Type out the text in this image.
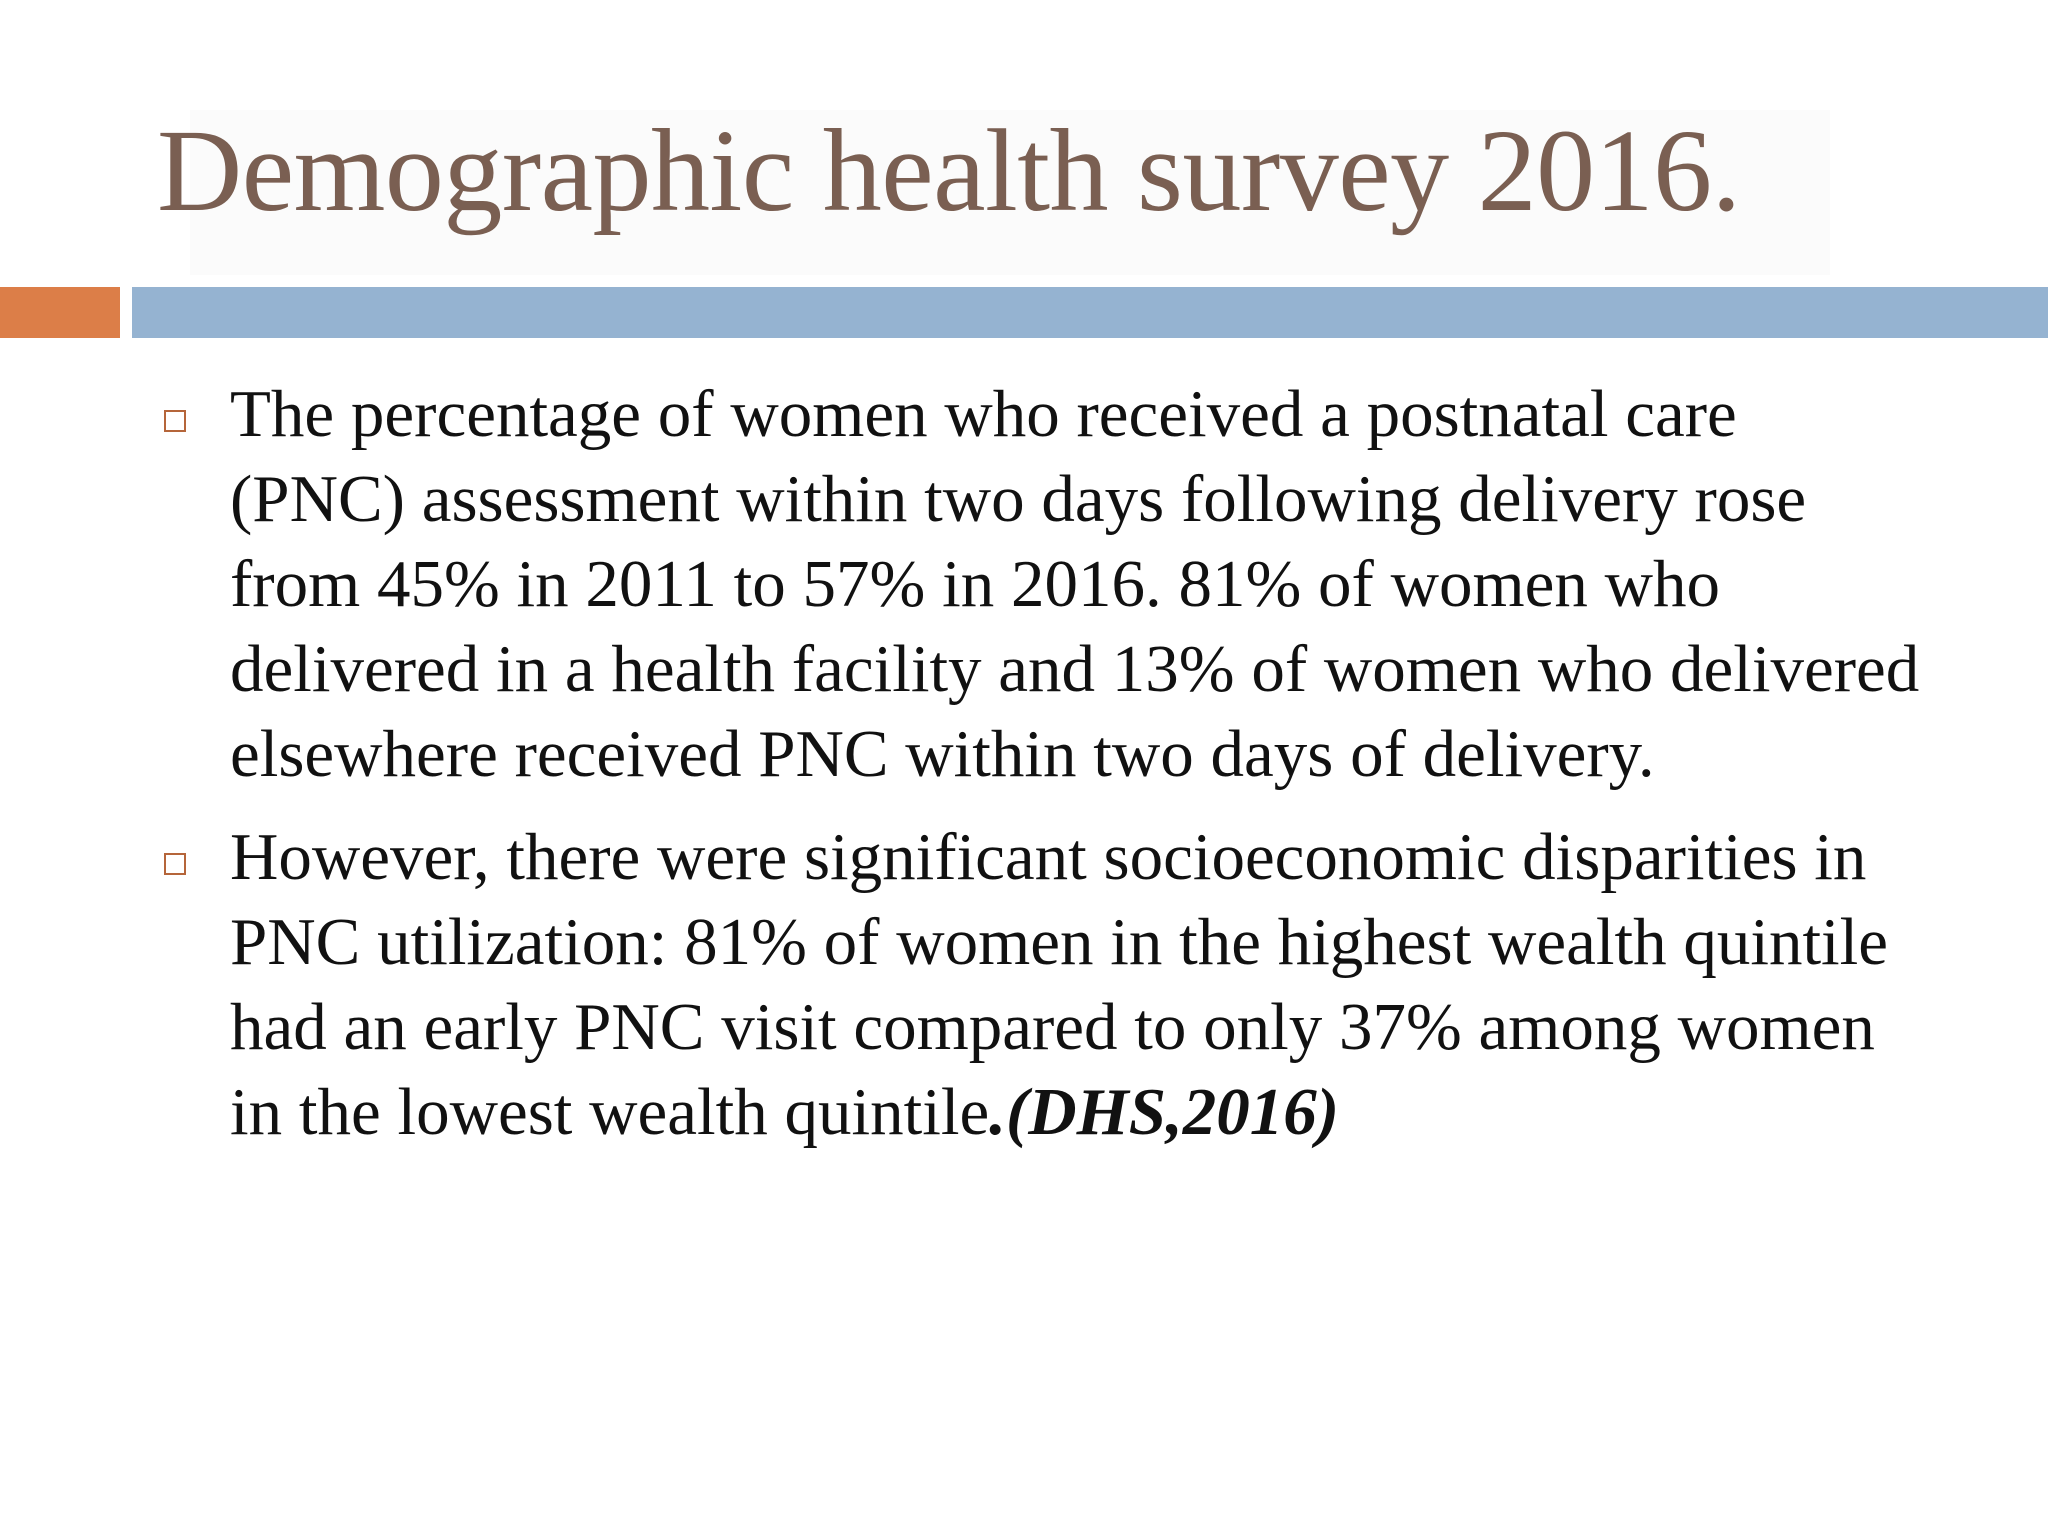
Demographic health survey 2016.
The percentage of women who received a postnatal care (PNC) assessment within two days following delivery rose from 45% in 2011 to 57% in 2016. 81% of women who delivered in a health facility and 13% of women who delivered elsewhere received PNC within two days of delivery.
However, there were significant socioeconomic disparities in PNC utilization: 81% of women in the highest wealth quintile had an early PNC visit compared to only 37% among women in the lowest wealth quintile.(DHS,2016)
